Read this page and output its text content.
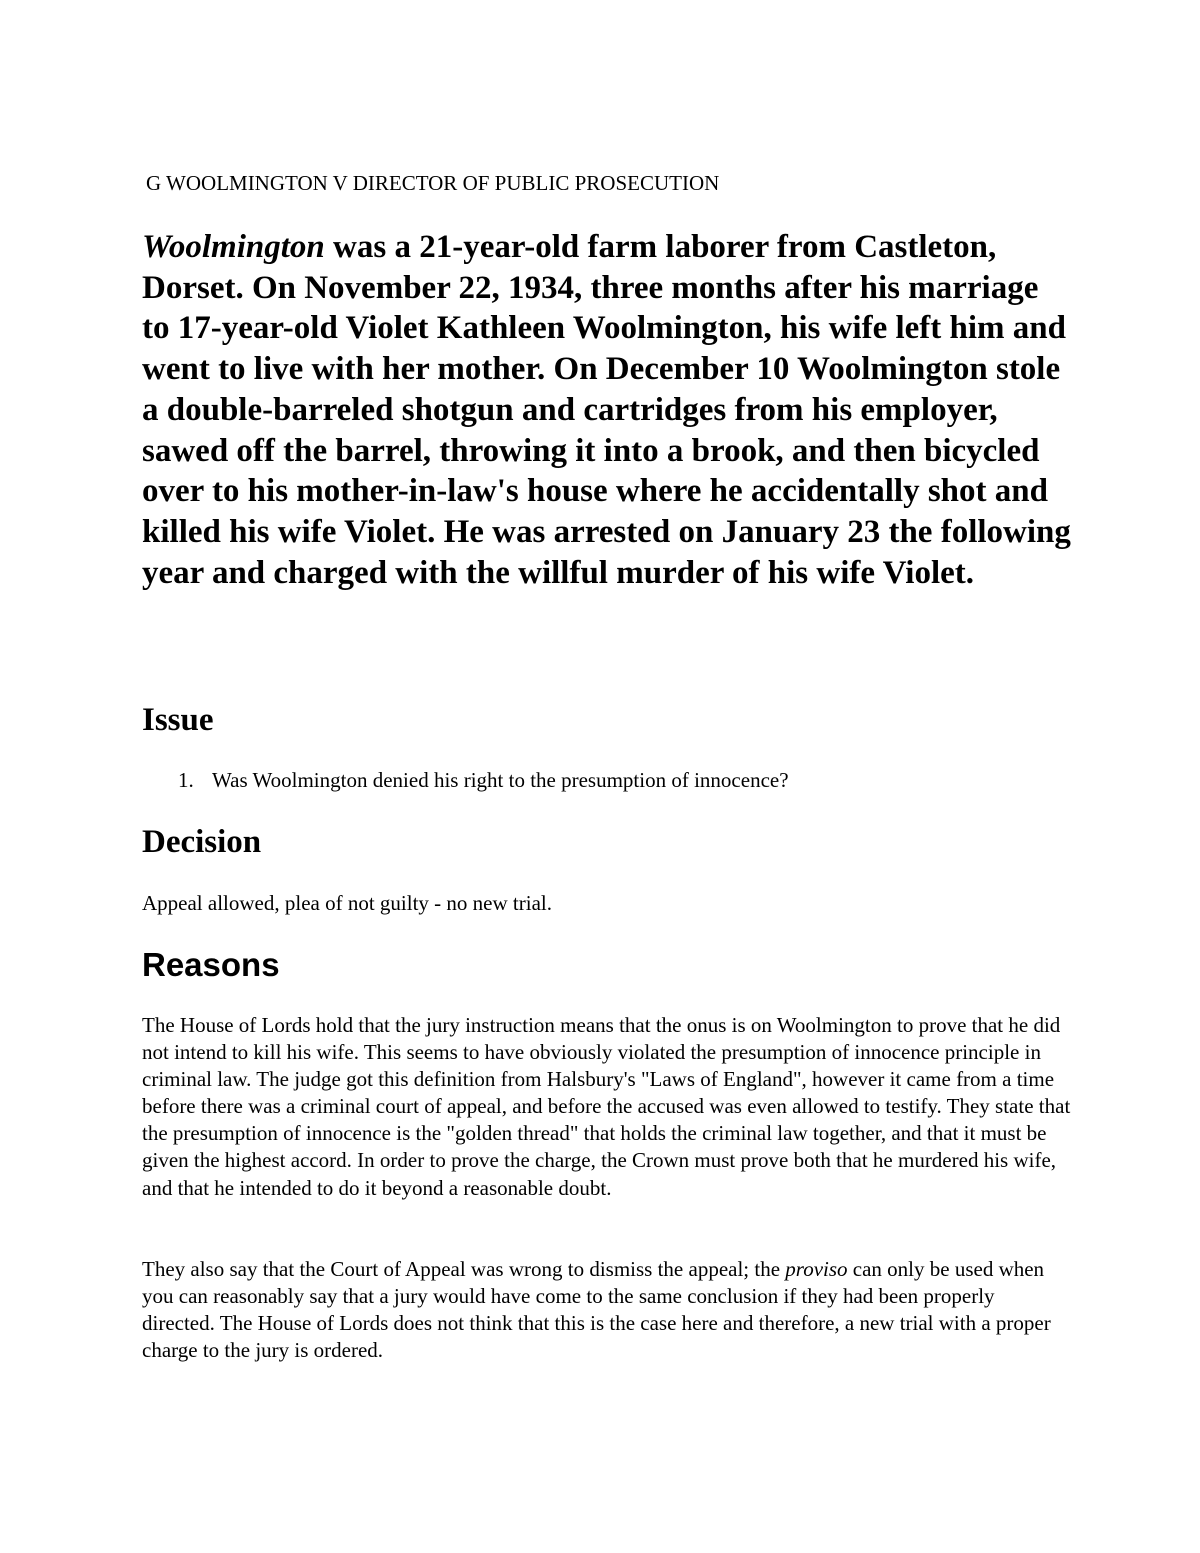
G WOOLMINGTON V DIRECTOR OF PUBLIC PROSECUTION

Woolmington was a 21-year-old farm laborer from Castleton, Dorset. On November 22, 1934, three months after his marriage to 17-year-old Violet Kathleen Woolmington, his wife left him and went to live with her mother. On December 10 Woolmington stole a double-barreled shotgun and cartridges from his employer, sawed off the barrel, throwing it into a brook, and then bicycled over to his mother-in-law's house where he accidentally shot and killed his wife Violet. He was arrested on January 23 the following year and charged with the willful murder of his wife Violet.

Issue
1. Was Woolmington denied his right to the presumption of innocence?
Decision

Appeal allowed, plea of not guilty - no new trial.

Reasons

The House of Lords hold that the jury instruction means that the onus is on Woolmington to prove that he did not intend to kill his wife. This seems to have obviously violated the presumption of innocence principle in criminal law. The judge got this definition from Halsbury's "Laws of England", however it came from a time before there was a criminal court of appeal, and before the accused was even allowed to testify. They state that the presumption of innocence is the "golden thread" that holds the criminal law together, and that it must be given the highest accord. In order to prove the charge, the Crown must prove both that he murdered his wife, and that he intended to do it beyond a reasonable doubt.

They also say that the Court of Appeal was wrong to dismiss the appeal; the proviso can only be used when you can reasonably say that a jury would have come to the same conclusion if they had been properly directed. The House of Lords does not think that this is the case here and therefore, a new trial with a proper charge to the jury is ordered.
